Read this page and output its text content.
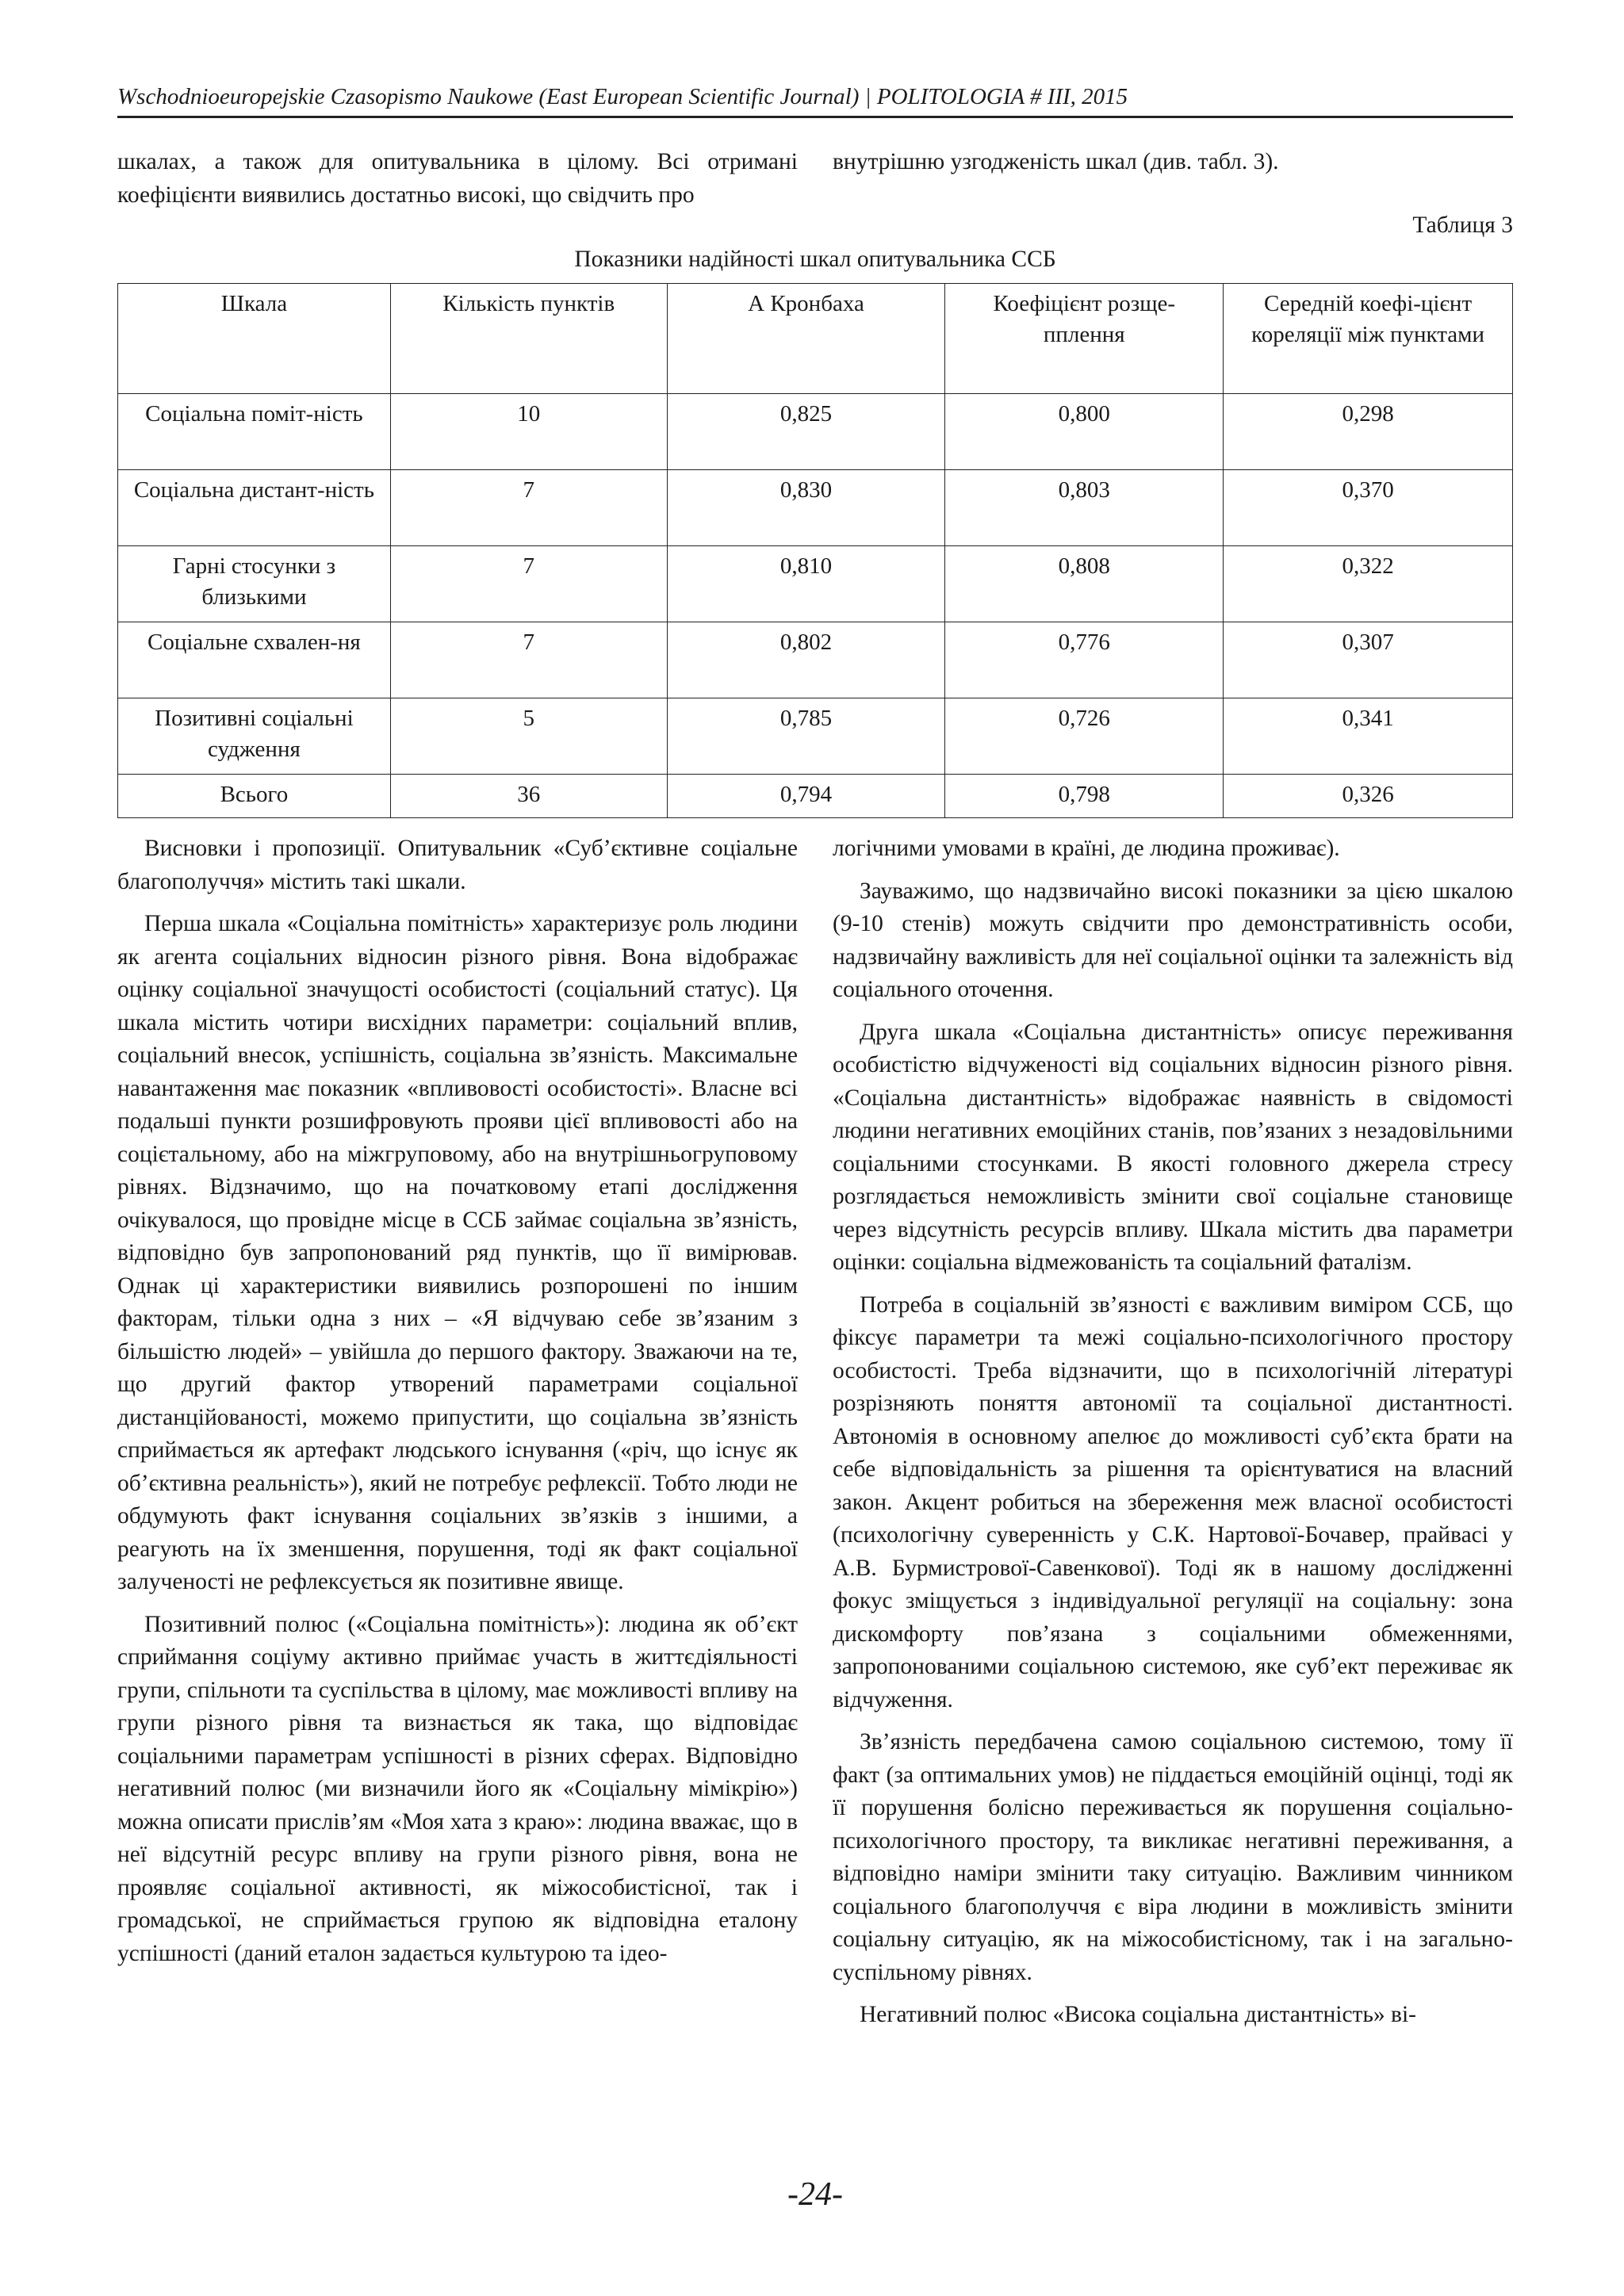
Wschodnioeuropejskie Czasopismo Naukowe (East European Scientific Journal) | POLITOLOGIA # III, 2015

шкалах, а також для опитувальника в цілому. Всі отримані коефіцієнти виявились достатньо високі, що свідчить про

внутрішню узгодженість шкал (див. табл. 3).

Таблиця 3
Показники надійності шкал опитувальника ССБ
Шкала	Кількість пунктів	А Кронбаха	Коефіцієнт розще-пплення	Середній коефі-цієнт кореляції між пунктами
Соціальна поміт-ність	10	0,825	0,800	0,298
Соціальна дистант-ність	7	0,830	0,803	0,370
Гарні стосунки з близькими	7	0,810	0,808	0,322
Соціальне схвален-ня	7	0,802	0,776	0,307
Позитивні соціальні судження	5	0,785	0,726	0,341
Всього	36	0,794	0,798	0,326

Висновки і пропозиції. Опитувальник «Суб’єктивне соціальне благополуччя» містить такі шкали.

Перша шкала «Соціальна помітність» характеризує роль людини як агента соціальних відносин різного рівня. Вона відображає оцінку соціальної значущості особистості (соціальний статус). Ця шкала містить чотири висхідних параметри: соціальний вплив, соціальний внесок, успішність, соціальна зв’язність. Максимальне навантаження має показник «впливовості особистості». Власне всі подальші пункти розшифровують прояви цієї впливовості або на соцієтальному, або на міжгруповому, або на внутрішньогруповому рівнях. Відзначимо, що на початковому етапі дослідження очікувалося, що провідне місце в ССБ займає соціальна зв’язність, відповідно був запропонований ряд пунктів, що її вимірював. Однак ці характеристики виявились розпорошені по іншим факторам, тільки одна з них – «Я відчуваю себе зв’язаним з більшістю людей» – увійшла до першого фактору. Зважаючи на те, що другий фактор утворений параметрами соціальної дистанційованості, можемо припустити, що соціальна зв’язність сприймається як артефакт людського існування («річ, що існує як об’єктивна реальність»), який не потребує рефлексії. Тобто люди не обдумують факт існування соціальних зв’язків з іншими, а реагують на їх зменшення, порушення, тоді як факт соціальної залученості не рефлексується як позитивне явище.

Позитивний полюс («Соціальна помітність»): людина як об’єкт сприймання соціуму активно приймає участь в життєдіяльності групи, спільноти та суспільства в цілому, має можливості впливу на групи різного рівня та визнається як така, що відповідає соціальними параметрам успішності в різних сферах. Відповідно негативний полюс (ми визначили його як «Соціальну мімікрію») можна описати прислів’ям «Моя хата з краю»: людина вважає, що в неї відсутній ресурс впливу на групи різного рівня, вона не проявляє соціальної активності, як міжособистісної, так і громадської, не сприймається групою як відповідна еталону успішності (даний еталон задається культурою та ідео-

логічними умовами в країні, де людина проживає).

Зауважимо, що надзвичайно високі показники за цією шкалою (9-10 стенів) можуть свідчити про демонстративність особи, надзвичайну важливість для неї соціальної оцінки та залежність від соціального оточення.

Друга шкала «Соціальна дистантність» описує переживання особистістю відчуженості від соціальних відносин різного рівня. «Соціальна дистантність» відображає наявність в свідомості людини негативних емоційних станів, пов’язаних з незадовільними соціальними стосунками. В якості головного джерела стресу розглядається неможливість змінити свої соціальне становище через відсутність ресурсів впливу. Шкала містить два параметри оцінки: соціальна відмежованість та соціальний фаталізм.

Потреба в соціальній зв’язності є важливим виміром ССБ, що фіксує параметри та межі соціально-психологічного простору особистості. Треба відзначити, що в психологічній літературі розрізняють поняття автономії та соціальної дистантності. Автономія в основному апелює до можливості суб’єкта брати на себе відповідальність за рішення та орієнтуватися на власний закон. Акцент робиться на збереження меж власної особистості (психологічну суверенність у С.К. Нартової-Бочавер, прайвасі у А.В. Бурмистрової-Савенкової). Тоді як в нашому дослідженні фокус зміщується з індивідуальної регуляції на соціальну: зона дискомфорту пов’язана з соціальними обмеженнями, запропонованими соціальною системою, яке суб’ект переживає як відчуження.

Зв’язність передбачена самою соціальною системою, тому її факт (за оптимальних умов) не піддається емоційній оцінці, тоді як її порушення болісно переживається як порушення соціально-психологічного простору, та викликає негативні переживання, а відповідно наміри змінити таку ситуацію. Важливим чинником соціального благополуччя є віра людини в можливість змінити соціальну ситуацію, як на міжособистісному, так і на загально-суспільному рівнях.

Негативний полюс «Висока соціальна дистантність» ві-

-24-
